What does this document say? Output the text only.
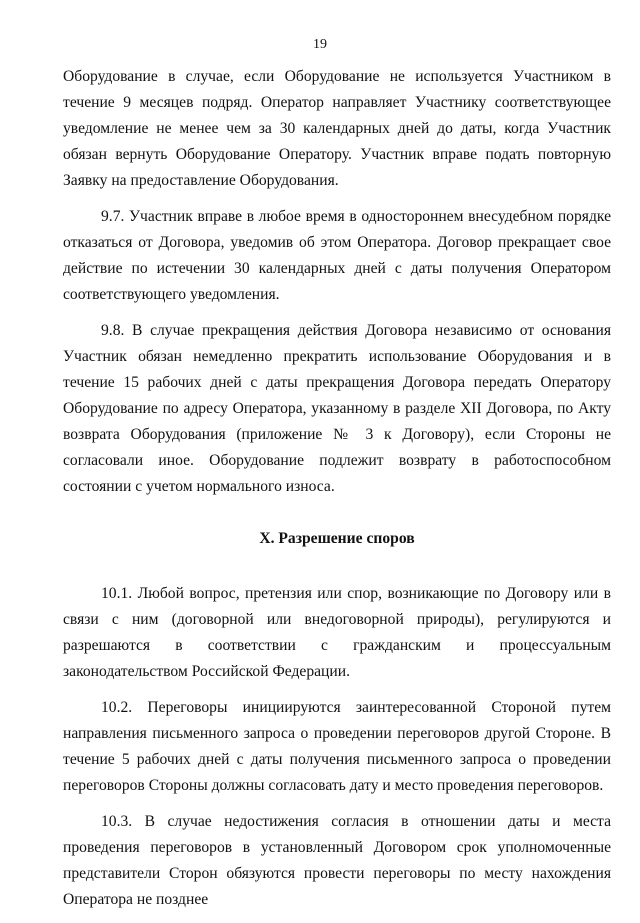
19

Оборудование в случае, если Оборудование не используется Участником в течение 9 месяцев подряд. Оператор направляет Участнику соответствующее уведомление не менее чем за 30 календарных дней до даты, когда Участник обязан вернуть Оборудование Оператору. Участник вправе подать повторную Заявку на предоставление Оборудования.

9.7. Участник вправе в любое время в одностороннем внесудебном порядке отказаться от Договора, уведомив об этом Оператора. Договор прекращает свое действие по истечении 30 календарных дней с даты получения Оператором соответствующего уведомления.

9.8. В случае прекращения действия Договора независимо от основания Участник обязан немедленно прекратить использование Оборудования и в течение 15 рабочих дней с даты прекращения Договора передать Оператору Оборудование по адресу Оператора, указанному в разделе XII Договора, по Акту возврата Оборудования (приложение № 3 к Договору), если Стороны не согласовали иное. Оборудование подлежит возврату в работоспособном состоянии с учетом нормального износа.

X. Разрешение споров

10.1. Любой вопрос, претензия или спор, возникающие по Договору или в связи с ним (договорной или внедоговорной природы), регулируются и разрешаются в соответствии с гражданским и процессуальным законодательством Российской Федерации.

10.2. Переговоры инициируются заинтересованной Стороной путем направления письменного запроса о проведении переговоров другой Стороне. В течение 5 рабочих дней с даты получения письменного запроса о проведении переговоров Стороны должны согласовать дату и место проведения переговоров.

10.3. В случае недостижения согласия в отношении даты и места проведения переговоров в установленный Договором срок уполномоченные представители Сторон обязуются провести переговоры по месту нахождения Оператора не позднее
